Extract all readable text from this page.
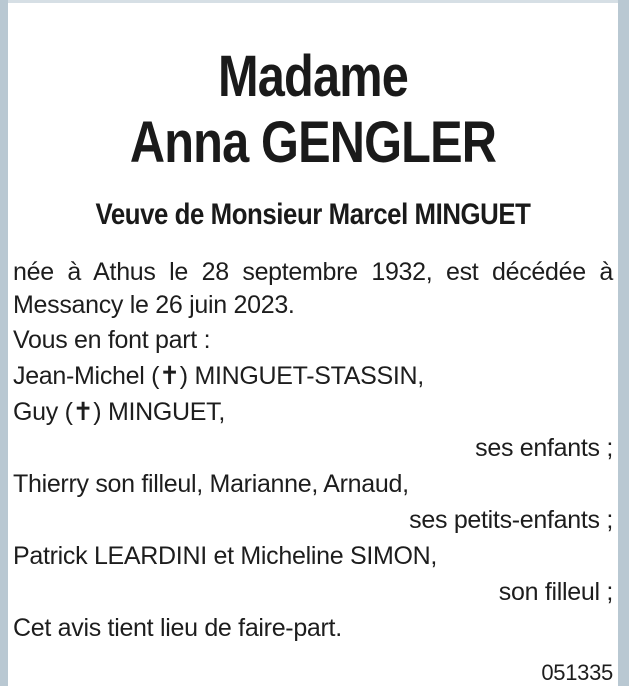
Madame
Anna GENGLER
Veuve de Monsieur Marcel MINGUET
née à Athus le 28 septembre 1932, est décédée à
Messancy le 26 juin 2023.
Vous en font part :
Jean-Michel (✝) MINGUET-STASSIN,
Guy (✝) MINGUET,
ses enfants ;
Thierry son filleul, Marianne, Arnaud,
ses petits-enfants ;
Patrick LEARDINI et Micheline SIMON,
son filleul ;
Cet avis tient lieu de faire-part.
051335
